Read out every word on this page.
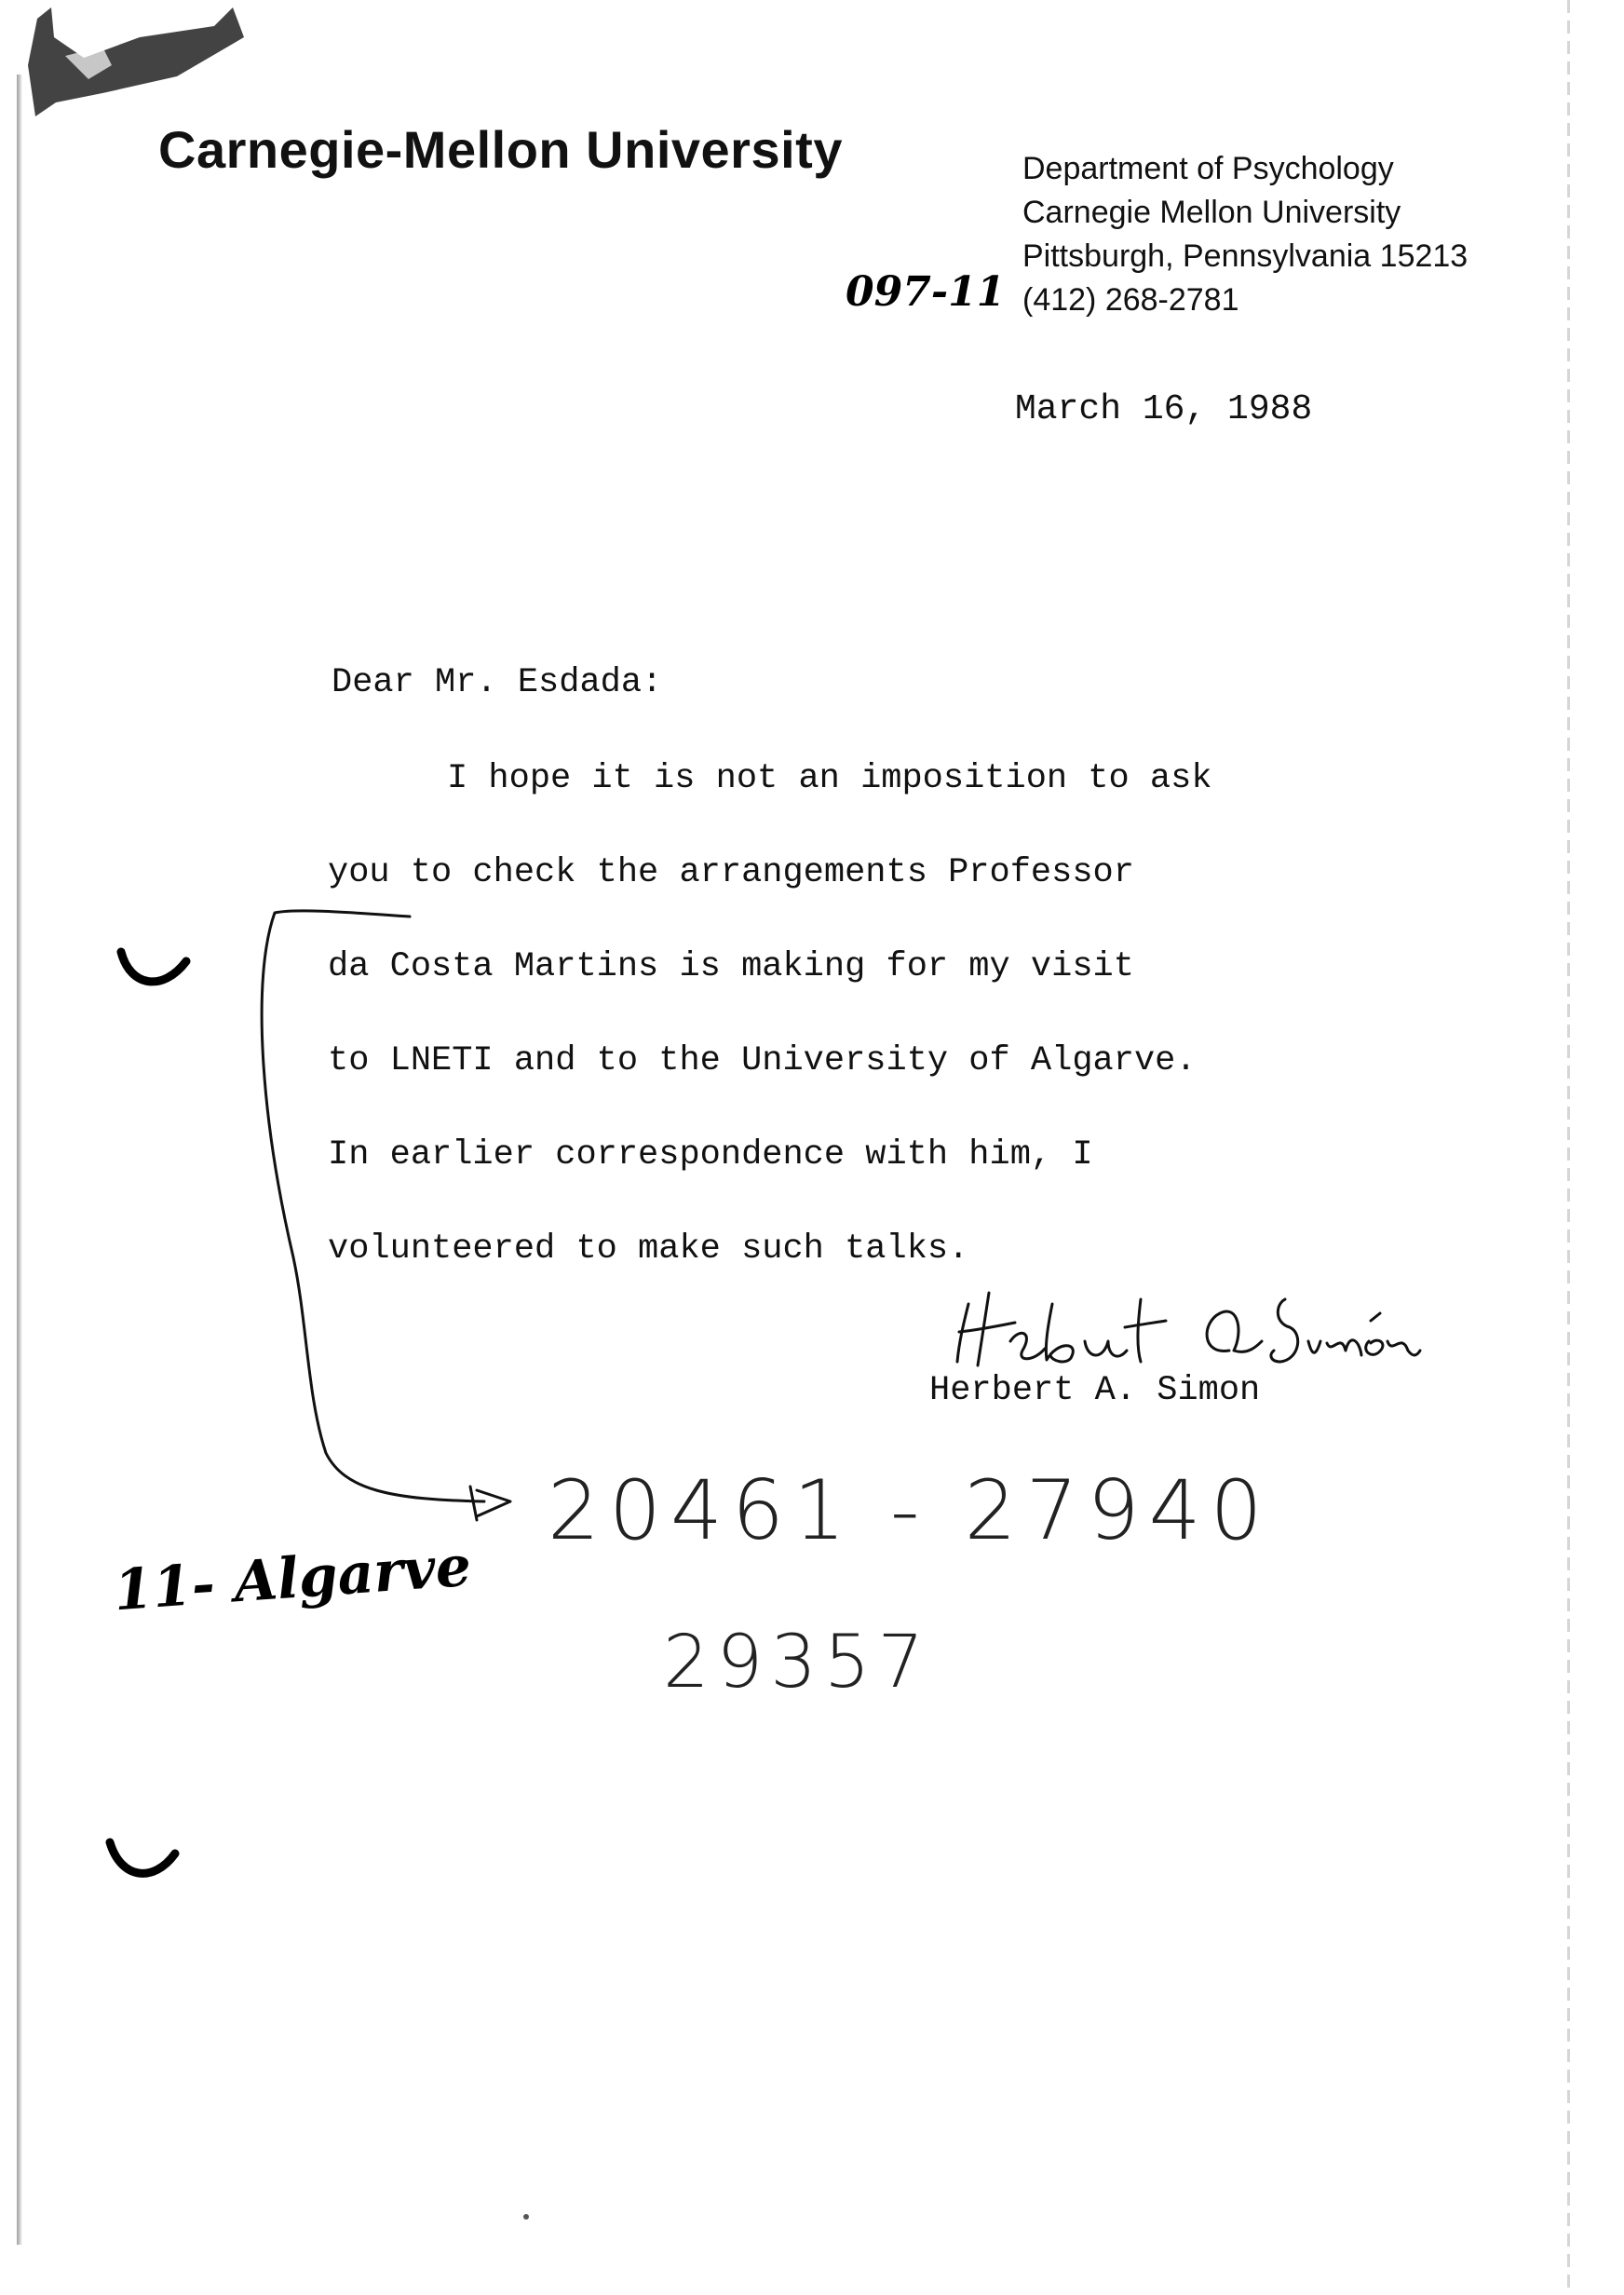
Carnegie-Mellon University	Department of Psychology
Carnegie Mellon University
Pittsburgh, Pennsylvania 15213
(412) 268-2781
097-11
March 16, 1988
Dear Mr. Esdada:
I hope it is not an imposition to ask
you to check the arrangements Professor
da Costa Martins is making for my visit
to LNETI and to the University of Algarve.
In earlier correspondence with him, I
volunteered to make such talks.
Herbert A. Simon
20461 - 27940
29357
11- Algarve
